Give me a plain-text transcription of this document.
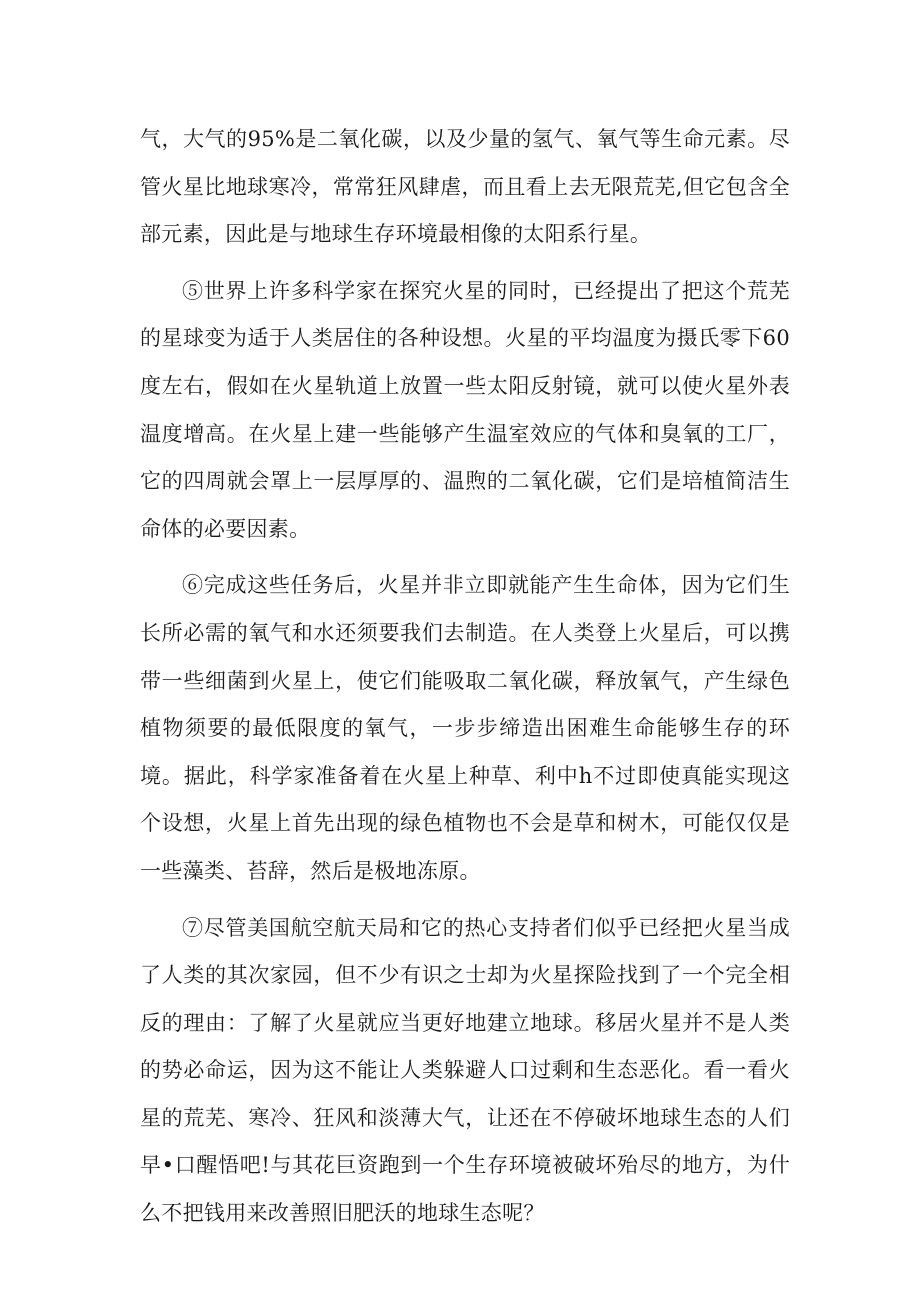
气，大气的95%是二氧化碳，以及少量的氢气、氧气等生命元素。尽管火星比地球寒冷，常常狂风肆虐，而且看上去无限荒芜,但它包含全部元素，因此是与地球生存环境最相像的太阳系行星。

⑤世界上许多科学家在探究火星的同时，已经提出了把这个荒芜的星球变为适于人类居住的各种设想。火星的平均温度为摄氏零下60度左右，假如在火星轨道上放置一些太阳反射镜，就可以使火星外表温度增高。在火星上建一些能够产生温室效应的气体和臭氧的工厂，它的四周就会罩上一层厚厚的、温煦的二氧化碳，它们是培植简洁生命体的必要因素。

⑥完成这些任务后，火星并非立即就能产生生命体，因为它们生长所必需的氧气和水还须要我们去制造。在人类登上火星后，可以携带一些细菌到火星上，使它们能吸取二氧化碳，释放氧气，产生绿色植物须要的最低限度的氧气，一步步缔造出困难生命能够生存的环境。据此，科学家准备着在火星上种草、利中h不过即使真能实现这个设想，火星上首先出现的绿色植物也不会是草和树木，可能仅仅是一些藻类、苔辞，然后是极地冻原。

⑦尽管美国航空航天局和它的热心支持者们似乎已经把火星当成了人类的其次家园，但不少有识之士却为火星探险找到了一个完全相反的理由：了解了火星就应当更好地建立地球。移居火星并不是人类的势必命运，因为这不能让人类躲避人口过剩和生态恶化。看一看火星的荒芜、寒冷、狂风和淡薄大气，让还在不停破坏地球生态的人们早•口醒悟吧!与其花巨资跑到一个生存环境被破坏殆尽的地方，为什么不把钱用来改善照旧肥沃的地球生态呢？
